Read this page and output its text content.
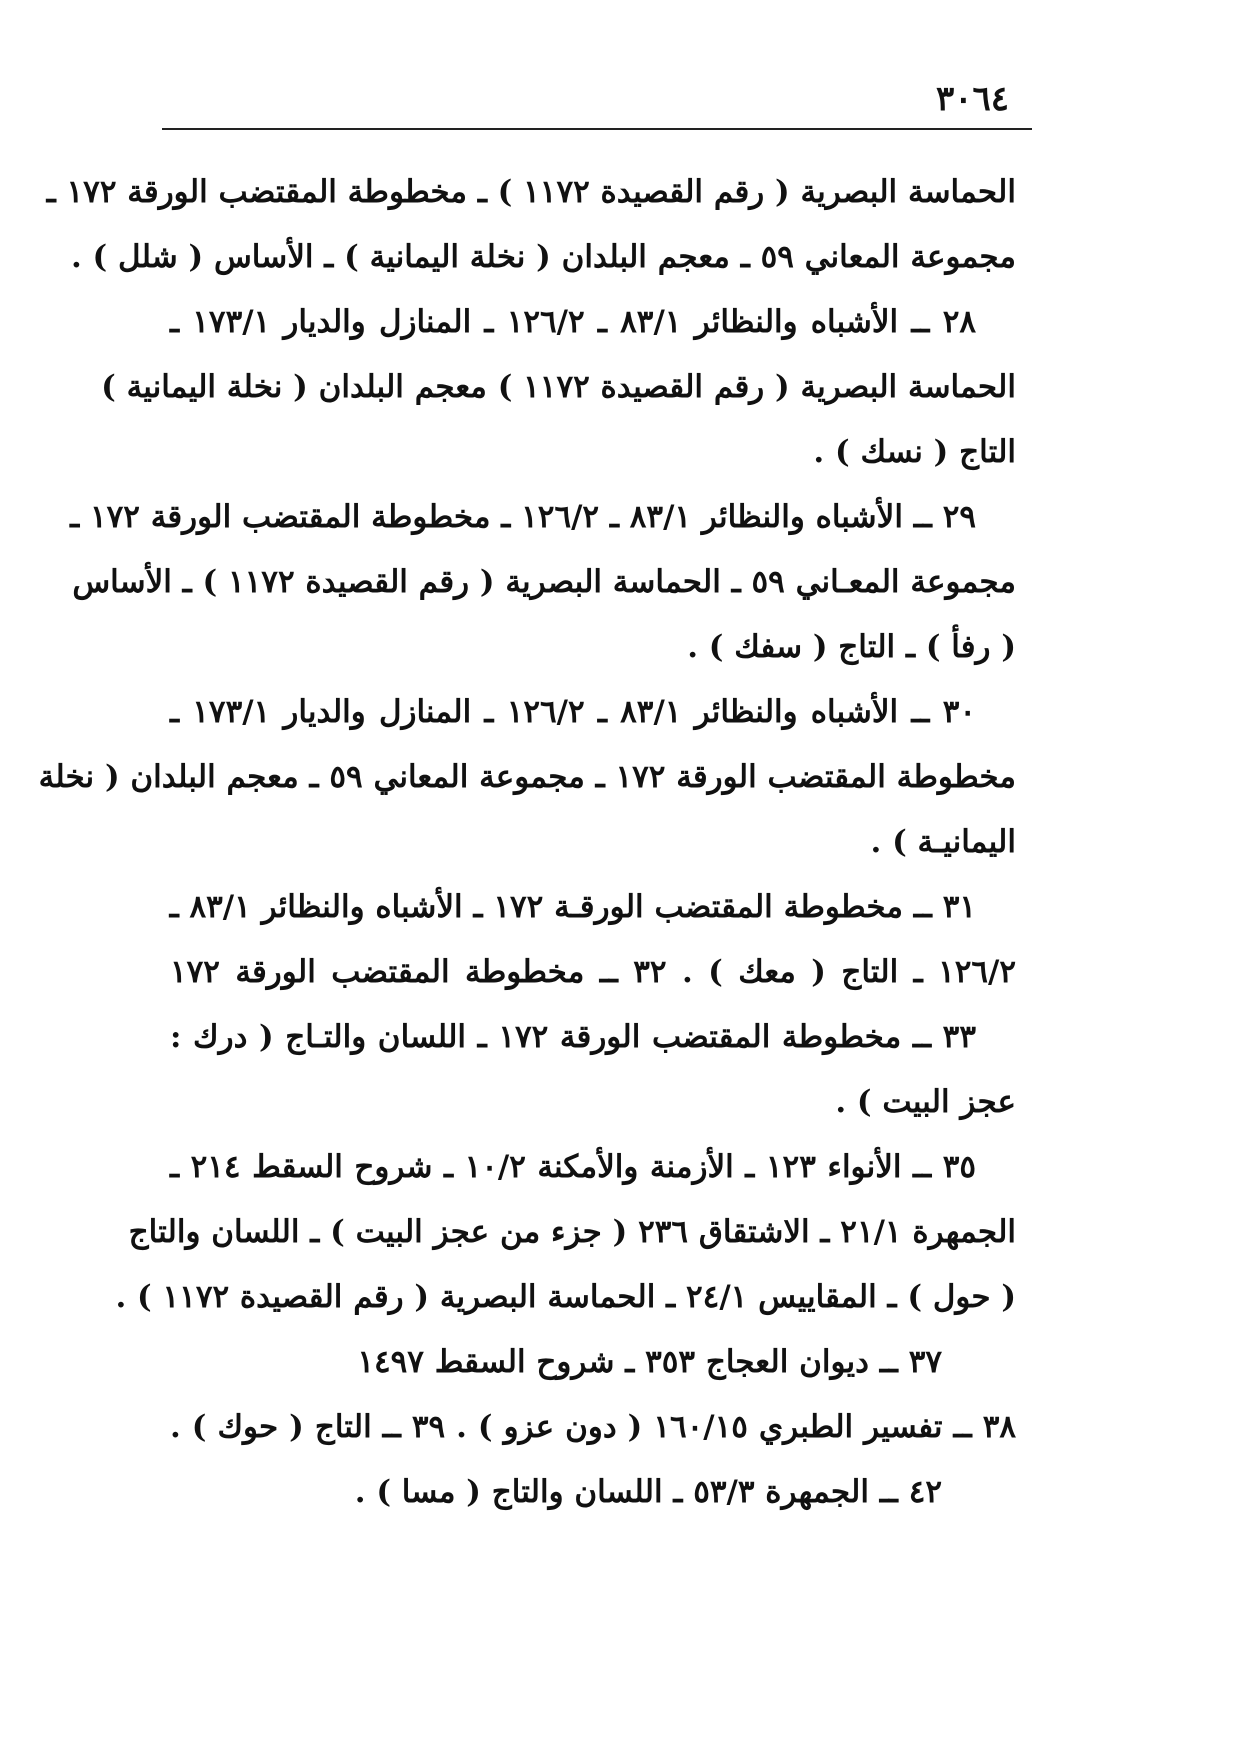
٣٠٦٤
الحماسة البصرية ( رقم القصيدة ١١٧٢ ) ـ مخطوطة المقتضب الورقة ١٧٢ ـ
مجموعة المعاني ٥٩ ـ معجم البلدان ( نخلة اليمانية ) ـ الأساس ( شلل ) .
٢٨ ــ الأشباه والنظائر ٨٣/١ ـ ١٢٦/٢ ـ المنازل والديار ١٧٣/١ ـ
الحماسة البصرية ( رقم القصيدة ١١٧٢ ) معجم البلدان ( نخلة اليمانية )
التاج ( نسك ) .
٢٩ ــ الأشباه والنظائر ٨٣/١ ـ ١٢٦/٢ ـ مخطوطة المقتضب الورقة ١٧٢ ـ
مجموعة المعـاني ٥٩ ـ الحماسة البصرية ( رقم القصيدة ١١٧٢ ) ـ الأساس
( رفأ ) ـ التاج ( سفك ) .
٣٠ ــ الأشباه والنظائر ٨٣/١ ـ ١٢٦/٢ ـ المنازل والديار ١٧٣/١ ـ
مخطوطة المقتضب الورقة ١٧٢ ـ مجموعة المعاني ٥٩ ـ معجم البلدان ( نخلة
اليمانيـة ) .
٣١ ــ مخطوطة المقتضب الورقـة ١٧٢ ـ الأشباه والنظائر ٨٣/١ ـ
١٢٦/٢ ـ التاج ( معك ) . ٣٢ ــ مخطوطة المقتضب الورقة ١٧٢
٣٣ ــ مخطوطة المقتضب الورقة ١٧٢ ـ اللسان والتـاج ( درك :
عجز البيت ) .
٣٥ ــ الأنواء ١٢٣ ـ الأزمنة والأمكنة ١٠/٢ ـ شروح السقط ٢١٤ ـ
الجمهرة ٢١/١ ـ الاشتقاق ٢٣٦ ( جزء من عجز البيت ) ـ اللسان والتاج
( حول ) ـ المقاييس ٢٤/١ ـ الحماسة البصرية ( رقم القصيدة ١١٧٢ ) .
٣٧ ــ ديوان العجاج ٣٥٣ ـ شروح السقط ١٤٩٧
٣٨ ــ تفسير الطبري ١٦٠/١٥ ( دون عزو ) . ٣٩ ــ التاج ( حوك ) .
٤٢ ــ الجمهرة ٥٣/٣ ـ اللسان والتاج ( مسا ) .
